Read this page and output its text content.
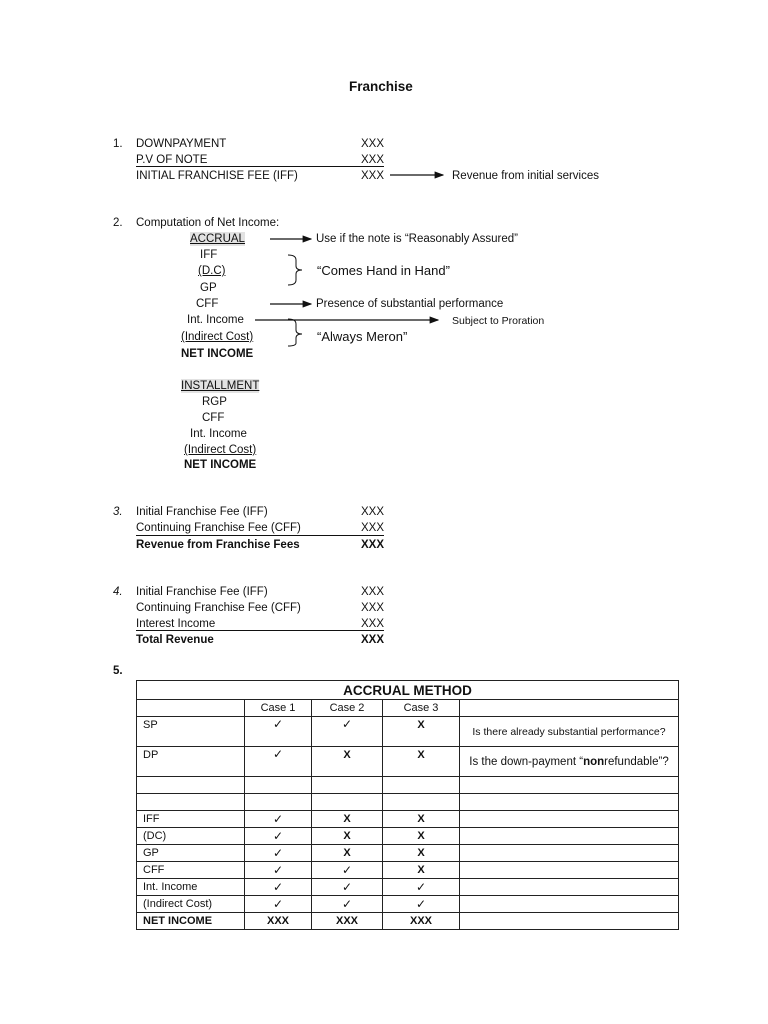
Franchise
1. DOWNPAYMENT	XXX
P.V OF NOTE	XXX
INITIAL FRANCHISE FEE (IFF)	XXX	Revenue from initial services
2. Computation of Net Income:
ACCRUAL
IFF
(D.C)
GP
CFF
Int. Income
(Indirect Cost)
NET INCOME
Use if the note is “Reasonably Assured”
“Comes Hand in Hand”
Presence of substantial performance
Subject to Proration
“Always Meron”
INSTALLMENT
RGP
CFF
Int. Income
(Indirect Cost)
NET INCOME
3. Initial Franchise Fee (IFF)	XXX
Continuing Franchise Fee (CFF)	XXX
Revenue from Franchise Fees	XXX
4. Initial Franchise Fee (IFF)	XXX
Continuing Franchise Fee (CFF)	XXX
Interest Income	XXX
Total Revenue	XXX
5.
ACCRUAL METHOD				
	Case 1	Case 2	Case 3	
SP	✓	✓	X	Is there already substantial performance?
DP	✓	X	X	Is the down-payment “nonrefundable”?

IFF	✓	X	X	
(DC)	✓	X	X	
GP	✓	X	X	
CFF	✓	✓	X	
Int. Income	✓	✓	✓	
(Indirect Cost)	✓	✓	✓	
NET INCOME	XXX	XXX	XXX	
